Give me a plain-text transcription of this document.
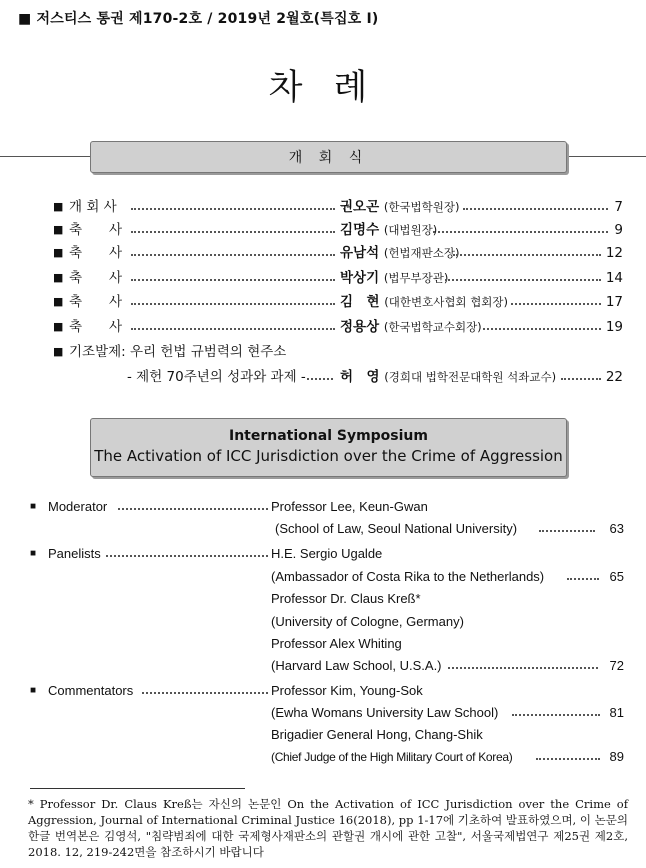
■ 저스티스 통권 제170-2호 / 2019년 2월호(특집호 Ⅰ)
차 례
개 회 식
■ 개 회 사	권오곤 (한국법학원장)	7
■ 축　　사	김명수 (대법원장)	9
■ 축　　사	유남석 (헌법재판소장)	12
■ 축　　사	박상기 (법무부장관)	14
■ 축　　사	김　현 (대한변호사협회 협회장)	17
■ 축　　사	정용상 (한국법학교수회장)	19
■ 기조발제: 우리 헌법 규범력의 현주소
- 제헌 70주년의 성과와 과제 -	허　영 (경희대 법학전문대학원 석좌교수)	22
International Symposium
The Activation of ICC Jurisdiction over the Crime of Aggression
■ Moderator	Professor Lee, Keun-Gwan
(School of Law, Seoul National University)	63
■ Panelists	H.E. Sergio Ugalde
(Ambassador of Costa Rika to the Netherlands)	65
Professor Dr. Claus Kreß*
(University of Cologne, Germany)
Professor Alex Whiting
(Harvard Law School, U.S.A.)	72
■ Commentators	Professor Kim, Young-Sok
(Ewha Womans University Law School)	81
Brigadier General Hong, Chang-Shik
(Chief Judge of the High Military Court of Korea)	89
* Professor Dr. Claus Kreß는 자신의 논문인 On the Activation of ICC Jurisdiction over the Crime of Aggression, Journal of International Criminal Justice 16(2018), pp 1-17에 기초하여 발표하였으며, 이 논문의 한글 번역본은 김영석, "침략범죄에 대한 국제형사재판소의 관할권 개시에 관한 고찰", 서울국제법연구 제25권 제2호, 2018. 12, 219-242면을 참조하시기 바랍니다
